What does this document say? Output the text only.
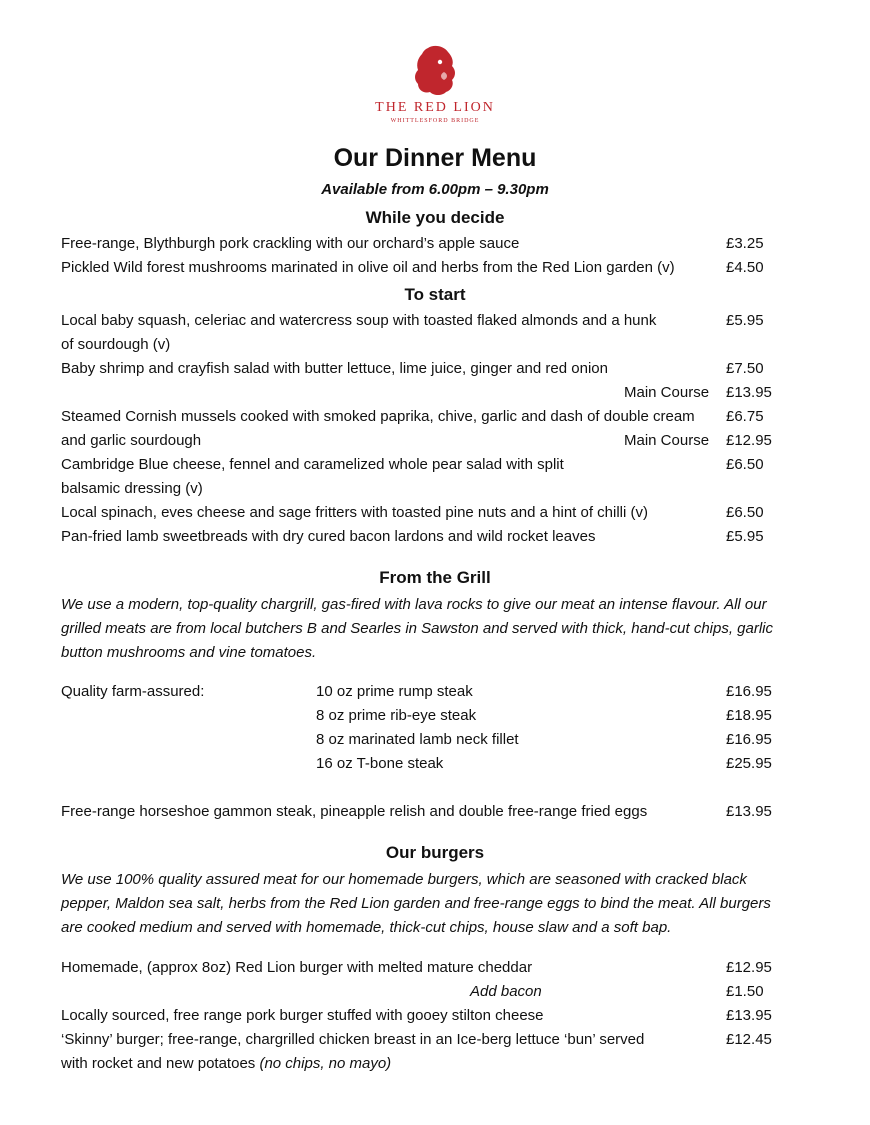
THE RED LION
WHITTLESFORD BRIDGE
Our Dinner Menu
Available from 6.00pm – 9.30pm
While you decide
Free-range, Blythburgh pork crackling with our orchard’s apple sauce	£3.25
Pickled Wild forest mushrooms marinated in olive oil and herbs from the Red Lion garden (v)	£4.50
To start
Local baby squash, celeriac and watercress soup with toasted flaked almonds and a hunk	£5.95
of sourdough (v)
Baby shrimp and crayfish salad with butter lettuce, lime juice, ginger and red onion	£7.50
Main Course £13.95
Steamed Cornish mussels cooked with smoked paprika, chive, garlic and dash of double cream £6.75
and garlic sourdough	Main Course £12.95
Cambridge Blue cheese, fennel and caramelized whole pear salad with split	£6.50
balsamic dressing (v)
Local spinach, eves cheese and sage fritters with toasted pine nuts and a hint of chilli (v)	£6.50
Pan-fried lamb sweetbreads with dry cured bacon lardons and wild rocket leaves	£5.95
From the Grill
We use a modern, top-quality chargrill, gas-fired with lava rocks to give our meat an intense flavour. All our
grilled meats are from local butchers B and Searles in Sawston and served with thick, hand-cut chips, garlic
button mushrooms and vine tomatoes.
Quality farm-assured:	10 oz prime rump steak	£16.95
8 oz prime rib-eye steak	£18.95
8 oz marinated lamb neck fillet	£16.95
16 oz T-bone steak	£25.95
Free-range horseshoe gammon steak, pineapple relish and double free-range fried eggs	£13.95
Our burgers
We use 100% quality assured meat for our homemade burgers, which are seasoned with cracked black
pepper, Maldon sea salt, herbs from the Red Lion garden and free-range eggs to bind the meat. All burgers
are cooked medium and served with homemade, thick-cut chips, house slaw and a soft bap.
Homemade, (approx 8oz) Red Lion burger with melted mature cheddar	£12.95
Add bacon	£1.50
Locally sourced, free range pork burger stuffed with gooey stilton cheese	£13.95
‘Skinny’ burger; free-range, chargrilled chicken breast in an Ice-berg lettuce ‘bun’ served	£12.45
with rocket and new potatoes (no chips, no mayo)
